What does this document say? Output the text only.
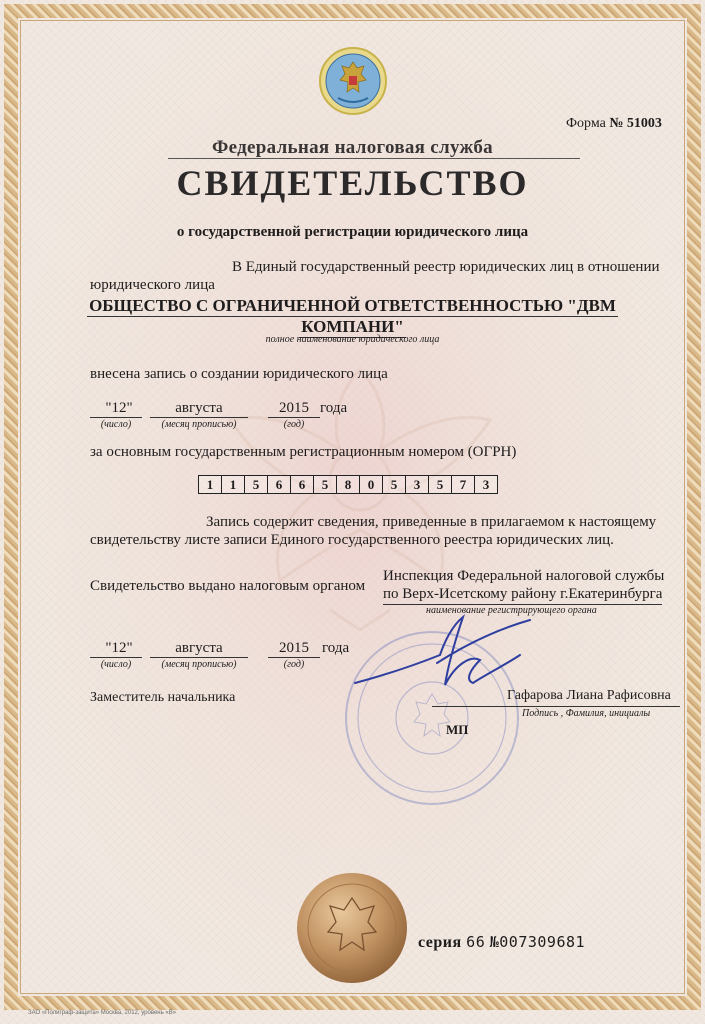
Форма № 51003
Федеральная налоговая служба
СВИДЕТЕЛЬСТВО
о государственной регистрации юридического лица
В Единый государственный реестр юридических лиц в отношении
юридического лица
ОБЩЕСТВО С ОГРАНИЧЕННОЙ ОТВЕТСТВЕННОСТЬЮ "ДВМ
КОМПАНИ"
полное наименование юридического лица
внесена запись о создании юридического лица
"12"
(число)
августа
(месяц прописью)
2015
(год)
года
за основным государственным регистрационным номером (ОГРН)
1	1	5	6	6	5	8	0	5	3	5	7	3
Запись содержит сведения, приведенные в прилагаемом к настоящему
свидетельству листе записи Единого государственного реестра юридических лиц.
Свидетельство выдано налоговым органом
Инспекция Федеральной налоговой службы
по Верх-Исетскому району г.Екатеринбурга
наименование регистрирующего органа
"12"
(число)
августа
(месяц прописью)
2015
(год)
года
Заместитель начальника	Гафарова Лиана Рафисовна
Подпись , Фамилия, инициалы
МП
серия 66 №007309681
ЗАО «Полиграф-защита» Москва, 2012, уровень «В»
